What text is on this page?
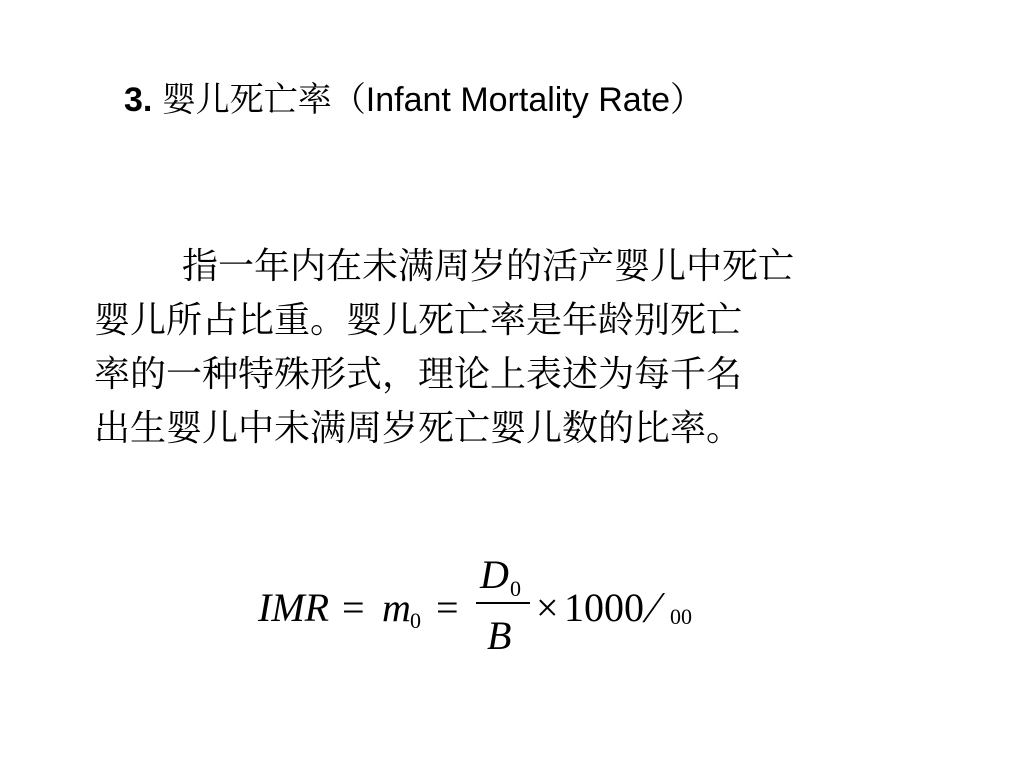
3. 婴儿死亡率（Infant Mortality Rate）

指一年内在未满周岁的活产婴儿中死亡
婴儿所占比重。婴儿死亡率是年龄别死亡
率的一种特殊形式，理论上表述为每千名
出生婴儿中未满周岁死亡婴儿数的比率。

IMR = m 0 =
D 0
B
× 1000 ⁄ 00
